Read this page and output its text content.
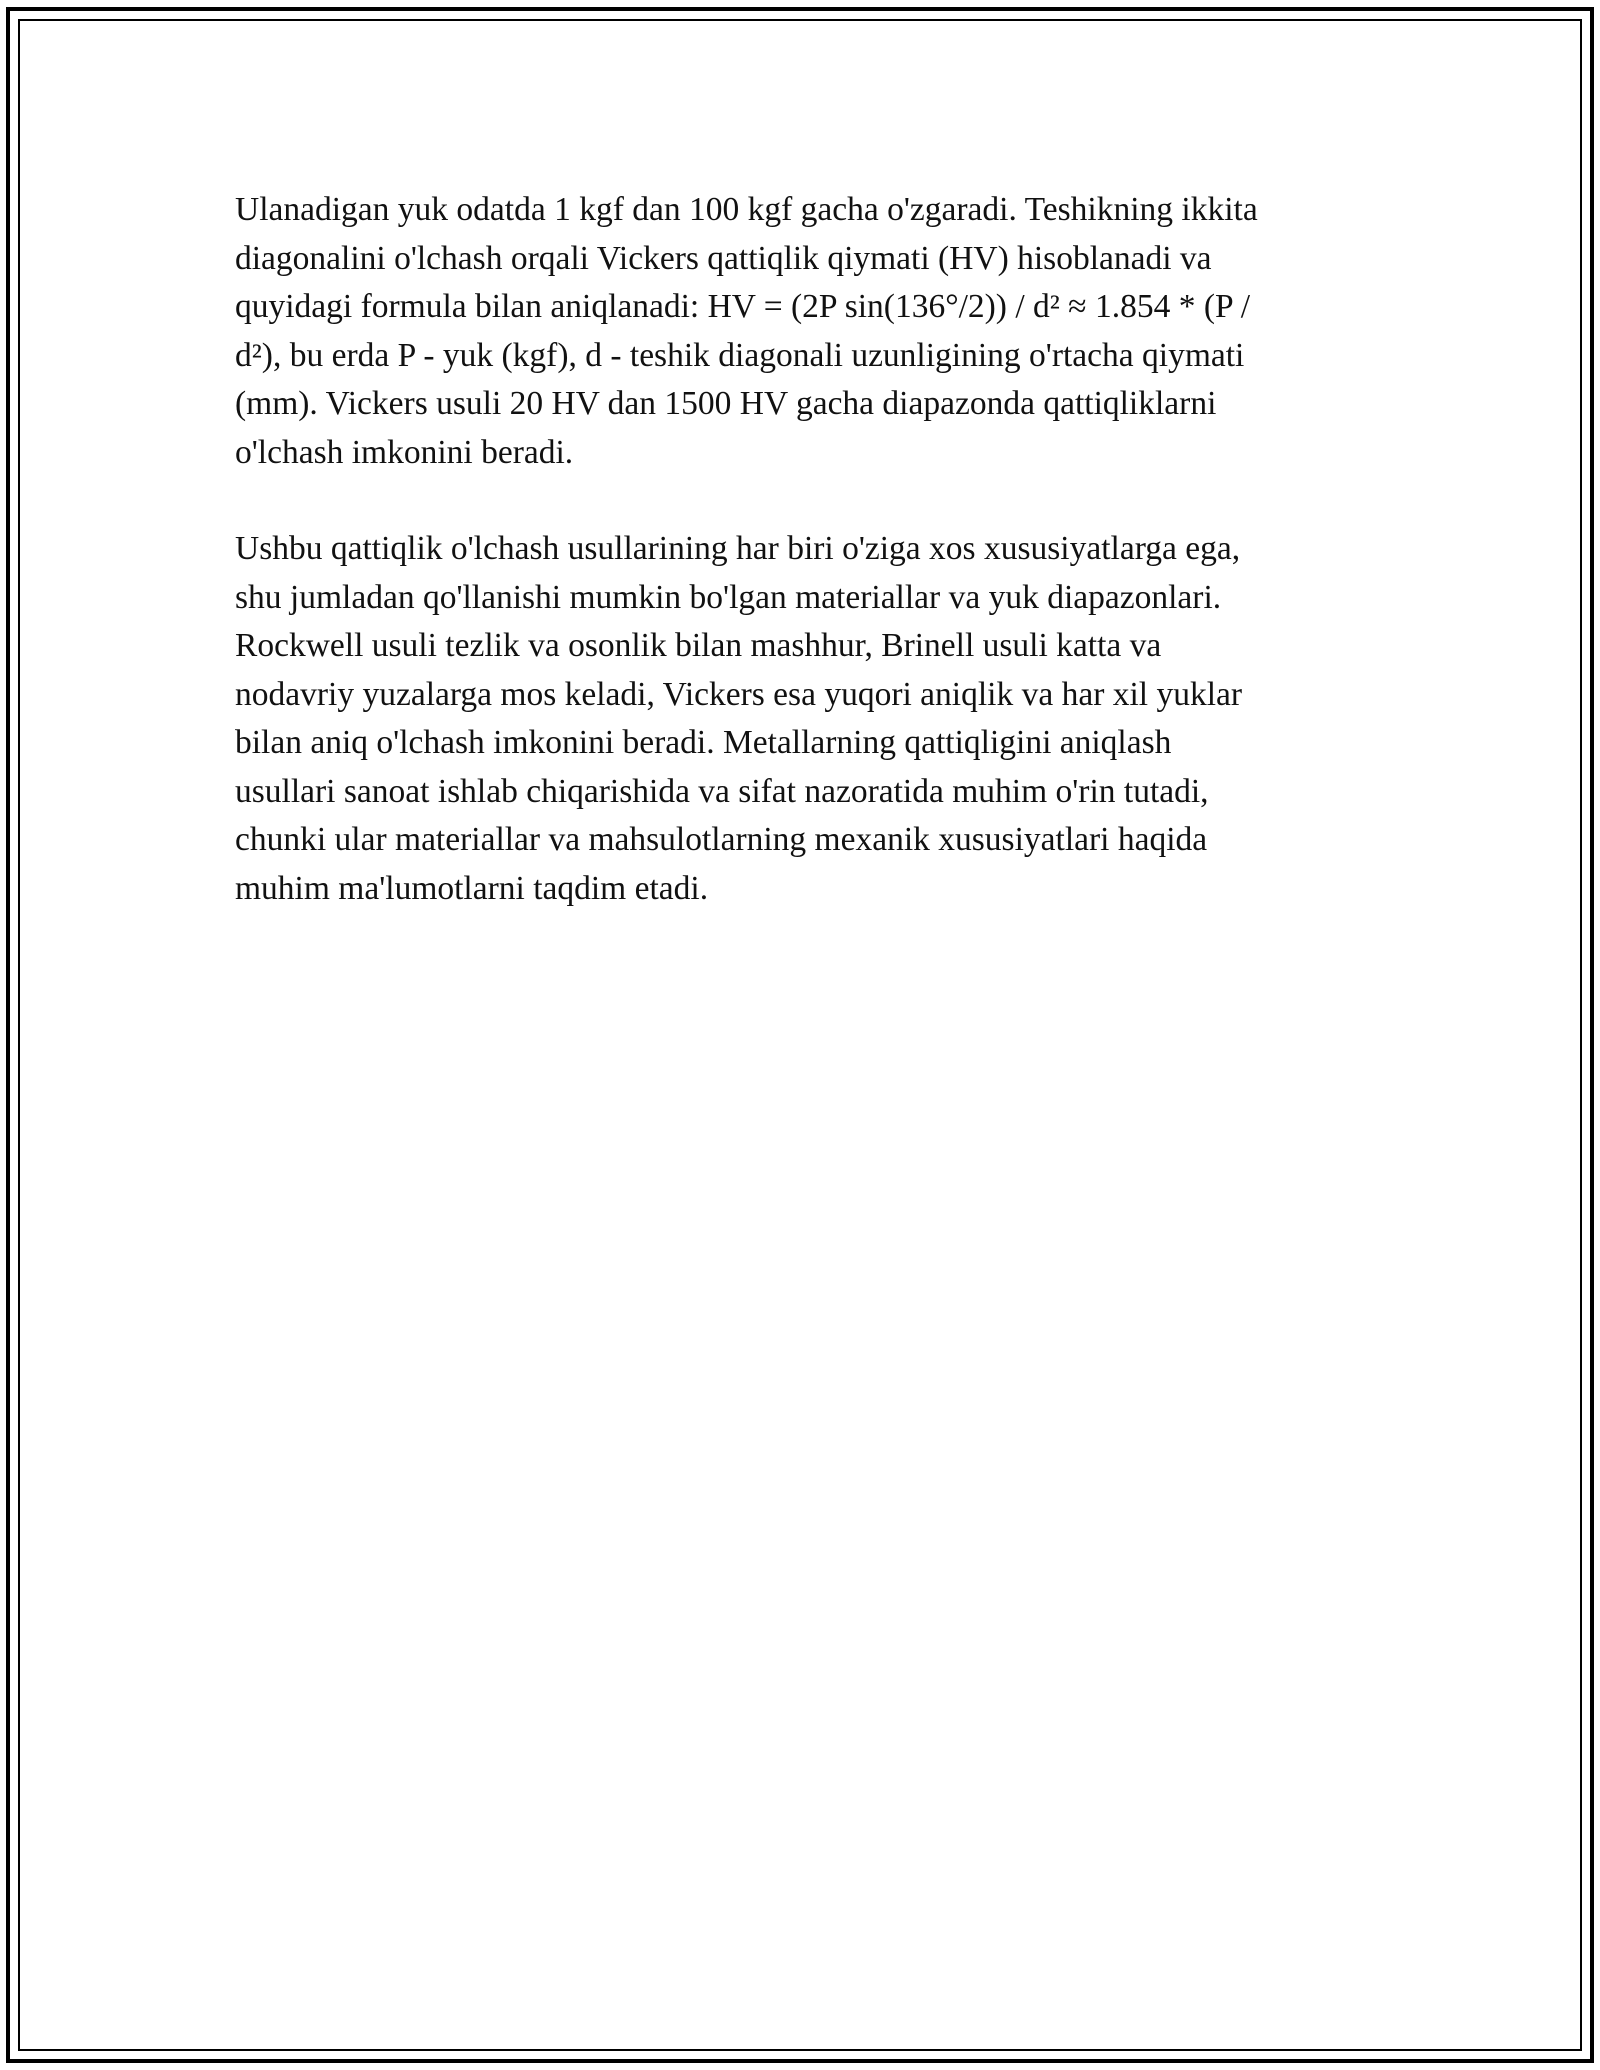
Ulanadigan yuk odatda 1 kgf dan 100 kgf gacha o'zgaradi. Teshikning ikkita
diagonalini o'lchash orqali Vickers qattiqlik qiymati (HV) hisoblanadi va
quyidagi formula bilan aniqlanadi: HV = (2P sin(136°/2)) / d² ≈ 1.854 * (P /
d²), bu erda P - yuk (kgf), d - teshik diagonali uzunligining o'rtacha qiymati
(mm). Vickers usuli 20 HV dan 1500 HV gacha diapazonda qattiqliklarni
o'lchash imkonini beradi.

Ushbu qattiqlik o'lchash usullarining har biri o'ziga xos xususiyatlarga ega,
shu jumladan qo'llanishi mumkin bo'lgan materiallar va yuk diapazonlari.
Rockwell usuli tezlik va osonlik bilan mashhur, Brinell usuli katta va
nodavriy yuzalarga mos keladi, Vickers esa yuqori aniqlik va har xil yuklar
bilan aniq o'lchash imkonini beradi. Metallarning qattiqligini aniqlash
usullari sanoat ishlab chiqarishida va sifat nazoratida muhim o'rin tutadi,
chunki ular materiallar va mahsulotlarning mexanik xususiyatlari haqida
muhim ma'lumotlarni taqdim etadi.
